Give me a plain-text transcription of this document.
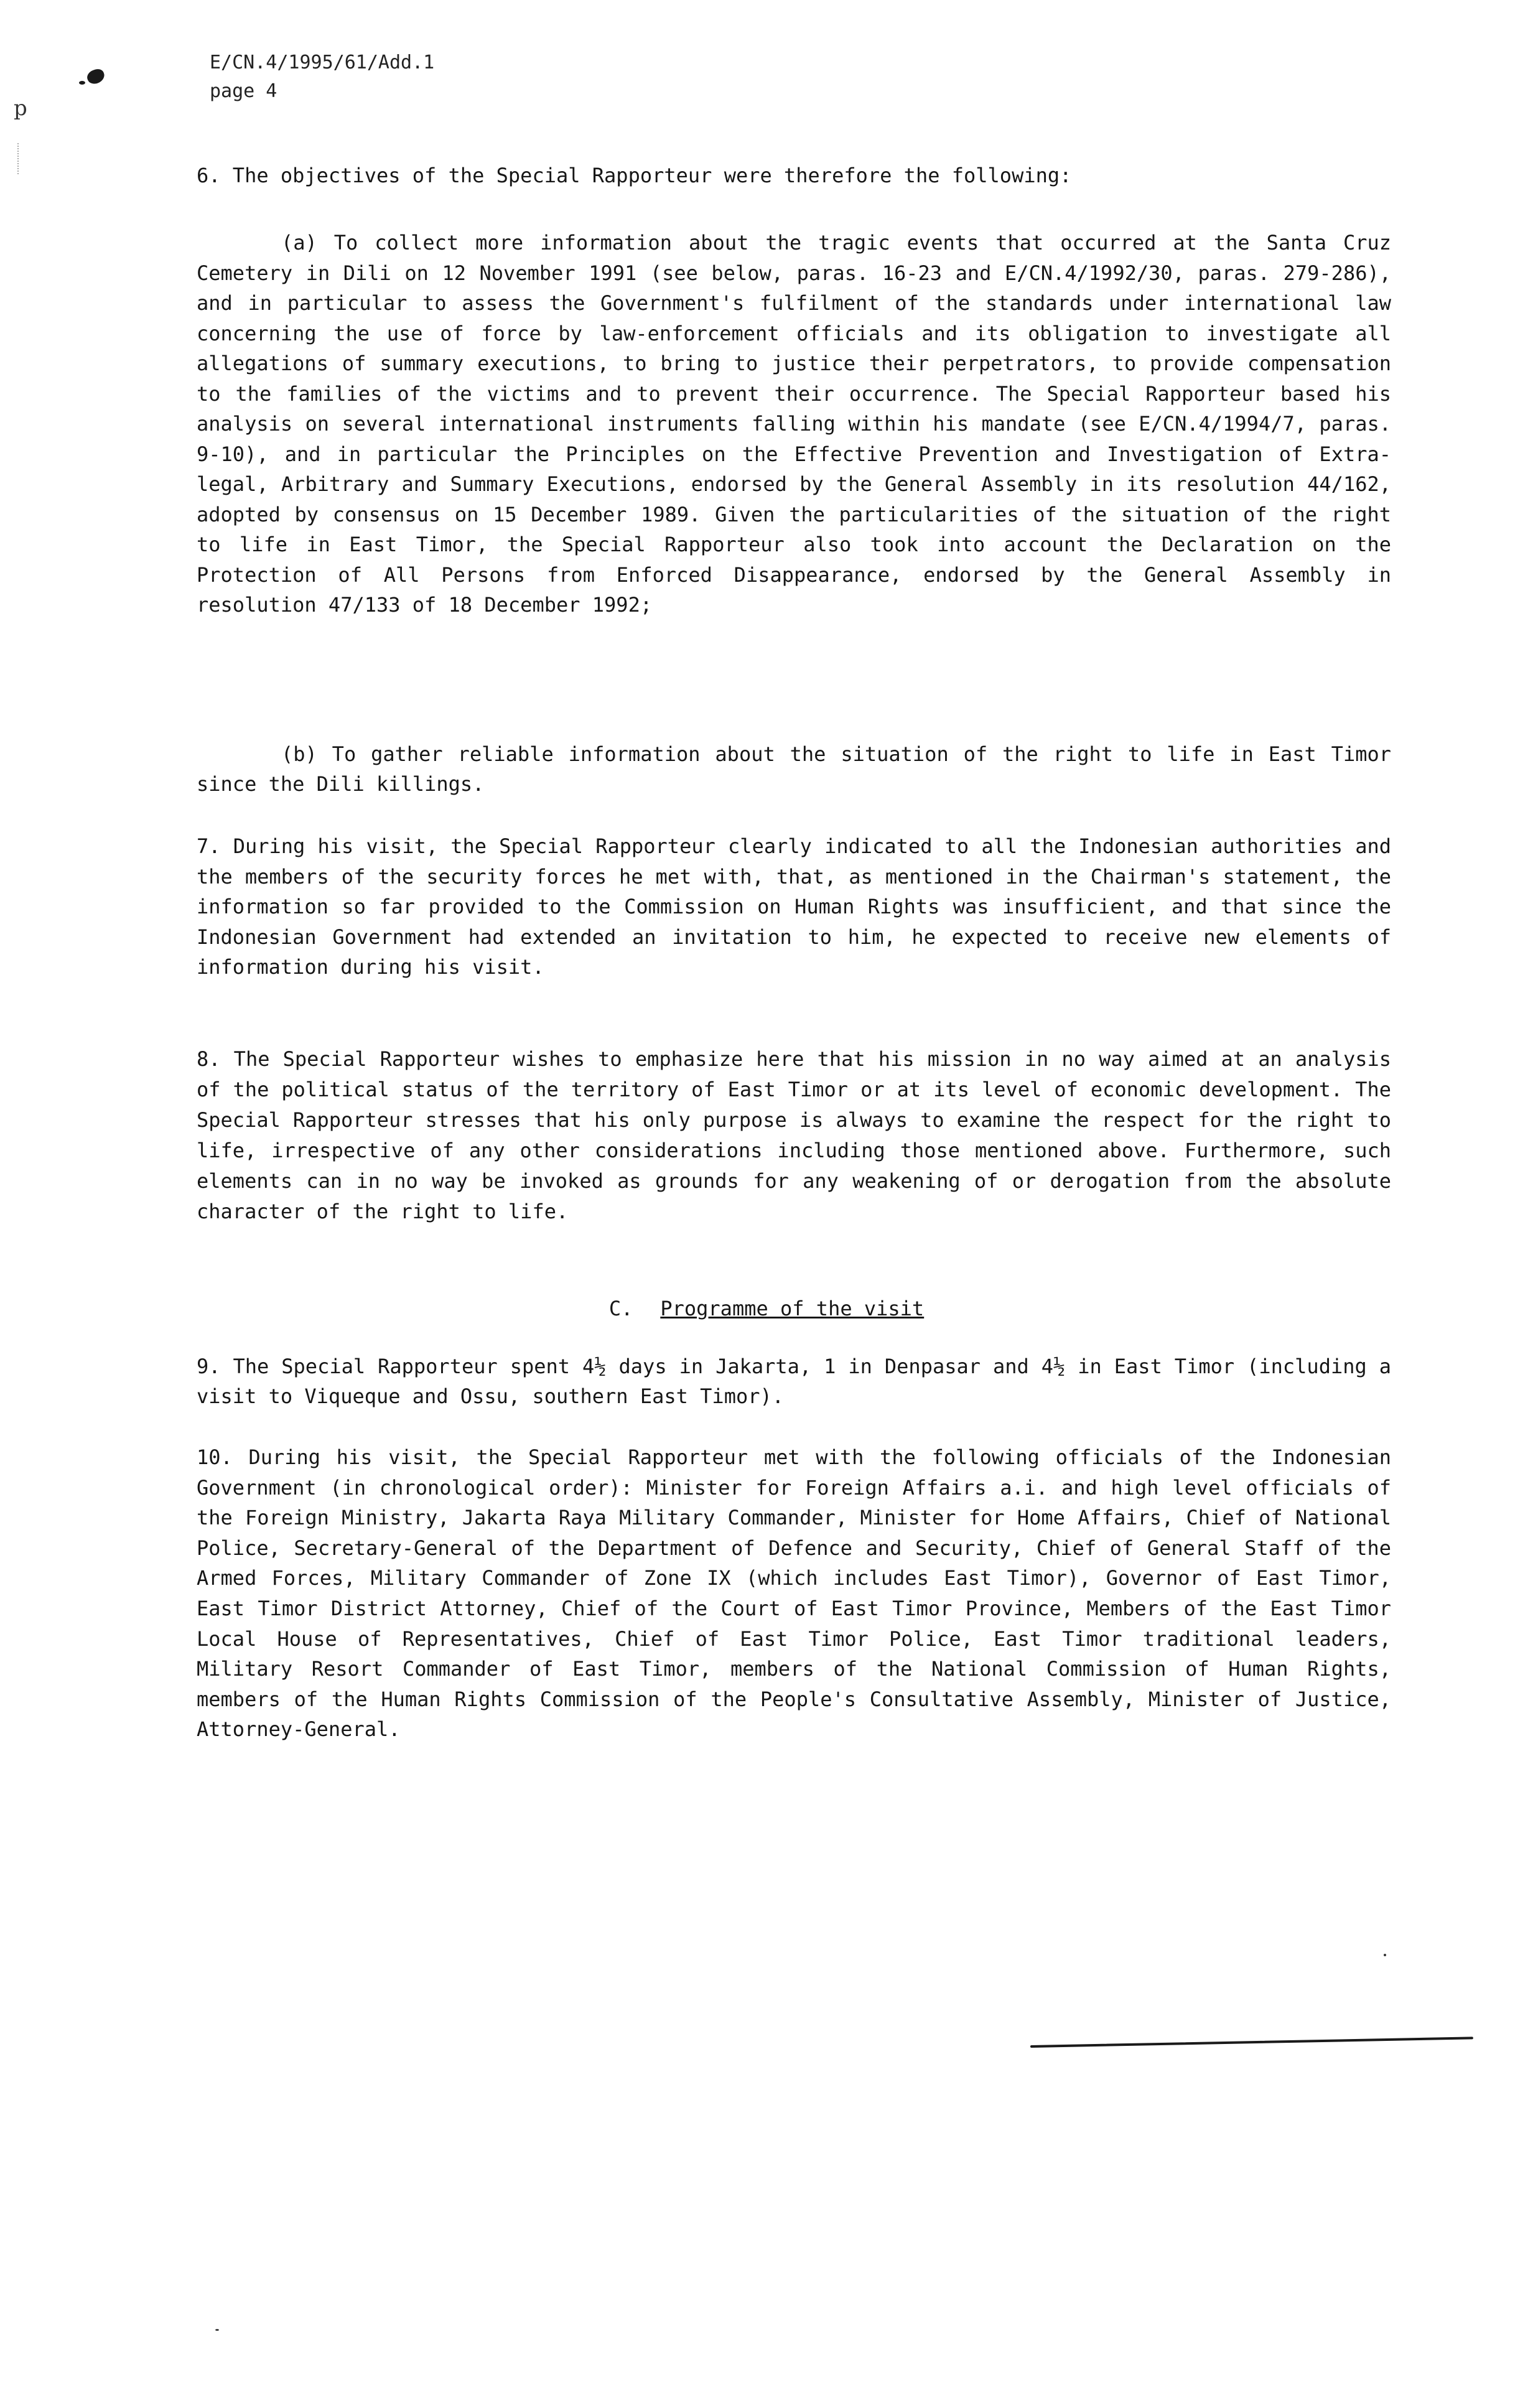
p
E/CN.4/1995/61/Add.1
page 4
6. The objectives of the Special Rapporteur were therefore the following:
(a) To collect more information about the tragic events that occurred at the Santa Cruz Cemetery in Dili on 12 November 1991 (see below, paras. 16-23 and E/CN.4/1992/30, paras. 279-286), and in particular to assess the Government's fulfilment of the standards under international law concerning the use of force by law-enforcement officials and its obligation to investigate all allegations of summary executions, to bring to justice their perpetrators, to provide compensation to the families of the victims and to prevent their occurrence. The Special Rapporteur based his analysis on several international instruments falling within his mandate (see E/CN.4/1994/7, paras. 9-10), and in particular the Principles on the Effective Prevention and Investigation of Extra-legal, Arbitrary and Summary Executions, endorsed by the General Assembly in its resolution 44/162, adopted by consensus on 15 December 1989. Given the particularities of the situation of the right to life in East Timor, the Special Rapporteur also took into account the Declaration on the Protection of All Persons from Enforced Disappearance, endorsed by the General Assembly in resolution 47/133 of 18 December 1992;
(b) To gather reliable information about the situation of the right to life in East Timor since the Dili killings.
7. During his visit, the Special Rapporteur clearly indicated to all the Indonesian authorities and the members of the security forces he met with, that, as mentioned in the Chairman's statement, the information so far provided to the Commission on Human Rights was insufficient, and that since the Indonesian Government had extended an invitation to him, he expected to receive new elements of information during his visit.
8. The Special Rapporteur wishes to emphasize here that his mission in no way aimed at an analysis of the political status of the territory of East Timor or at its level of economic development. The Special Rapporteur stresses that his only purpose is always to examine the respect for the right to life, irrespective of any other considerations including those mentioned above. Furthermore, such elements can in no way be invoked as grounds for any weakening of or derogation from the absolute character of the right to life.
C. Programme of the visit
9. The Special Rapporteur spent 4½ days in Jakarta, 1 in Denpasar and 4½ in East Timor (including a visit to Viqueque and Ossu, southern East Timor).
10. During his visit, the Special Rapporteur met with the following officials of the Indonesian Government (in chronological order): Minister for Foreign Affairs a.i. and high level officials of the Foreign Ministry, Jakarta Raya Military Commander, Minister for Home Affairs, Chief of National Police, Secretary-General of the Department of Defence and Security, Chief of General Staff of the Armed Forces, Military Commander of Zone IX (which includes East Timor), Governor of East Timor, East Timor District Attorney, Chief of the Court of East Timor Province, Members of the East Timor Local House of Representatives, Chief of East Timor Police, East Timor traditional leaders, Military Resort Commander of East Timor, members of the National Commission of Human Rights, members of the Human Rights Commission of the People's Consultative Assembly, Minister of Justice, Attorney-General.
